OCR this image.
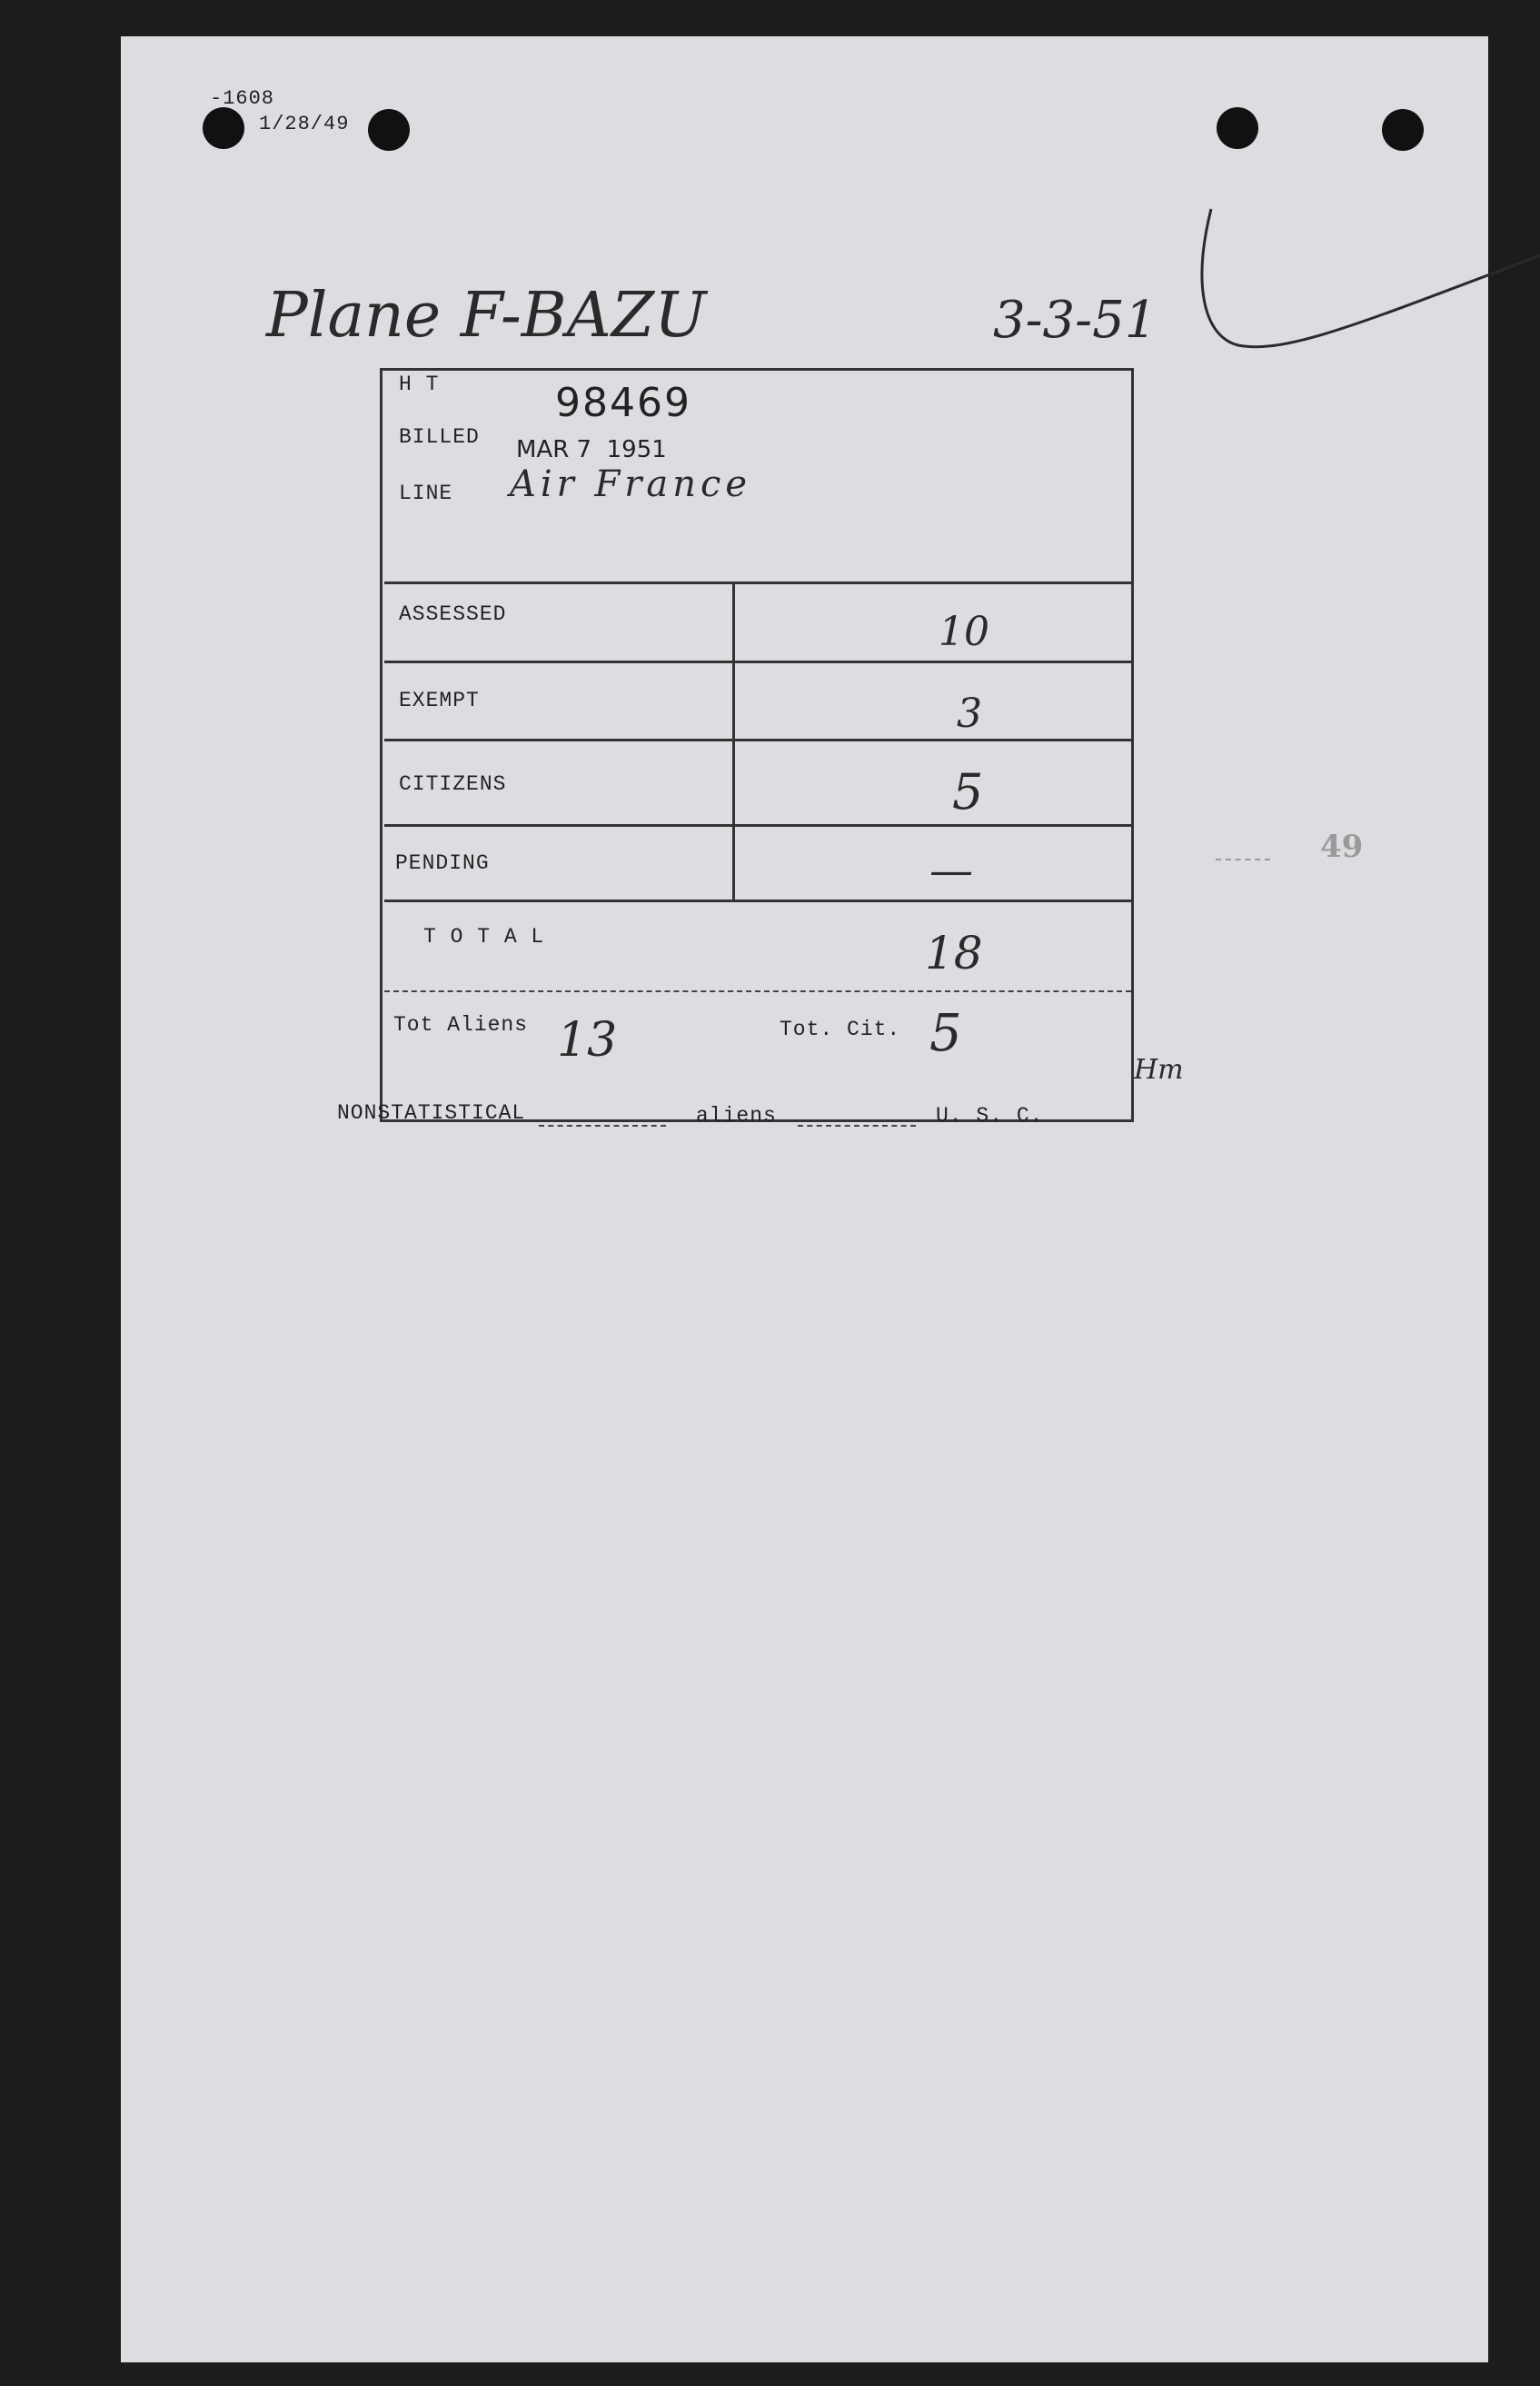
-1608
1/28/49
Plane F-BAZU	3-3-51
H T	98469
BILLED MAR 7  1951
LINE Air France
ASSESSED	10
EXEMPT	3
CITIZENS	5
PENDING	—
T O T A L	18
Tot Aliens 13	Tot. Cit. 5
Hm
NONSTATISTICAL	aliens	U. S. C.
49
